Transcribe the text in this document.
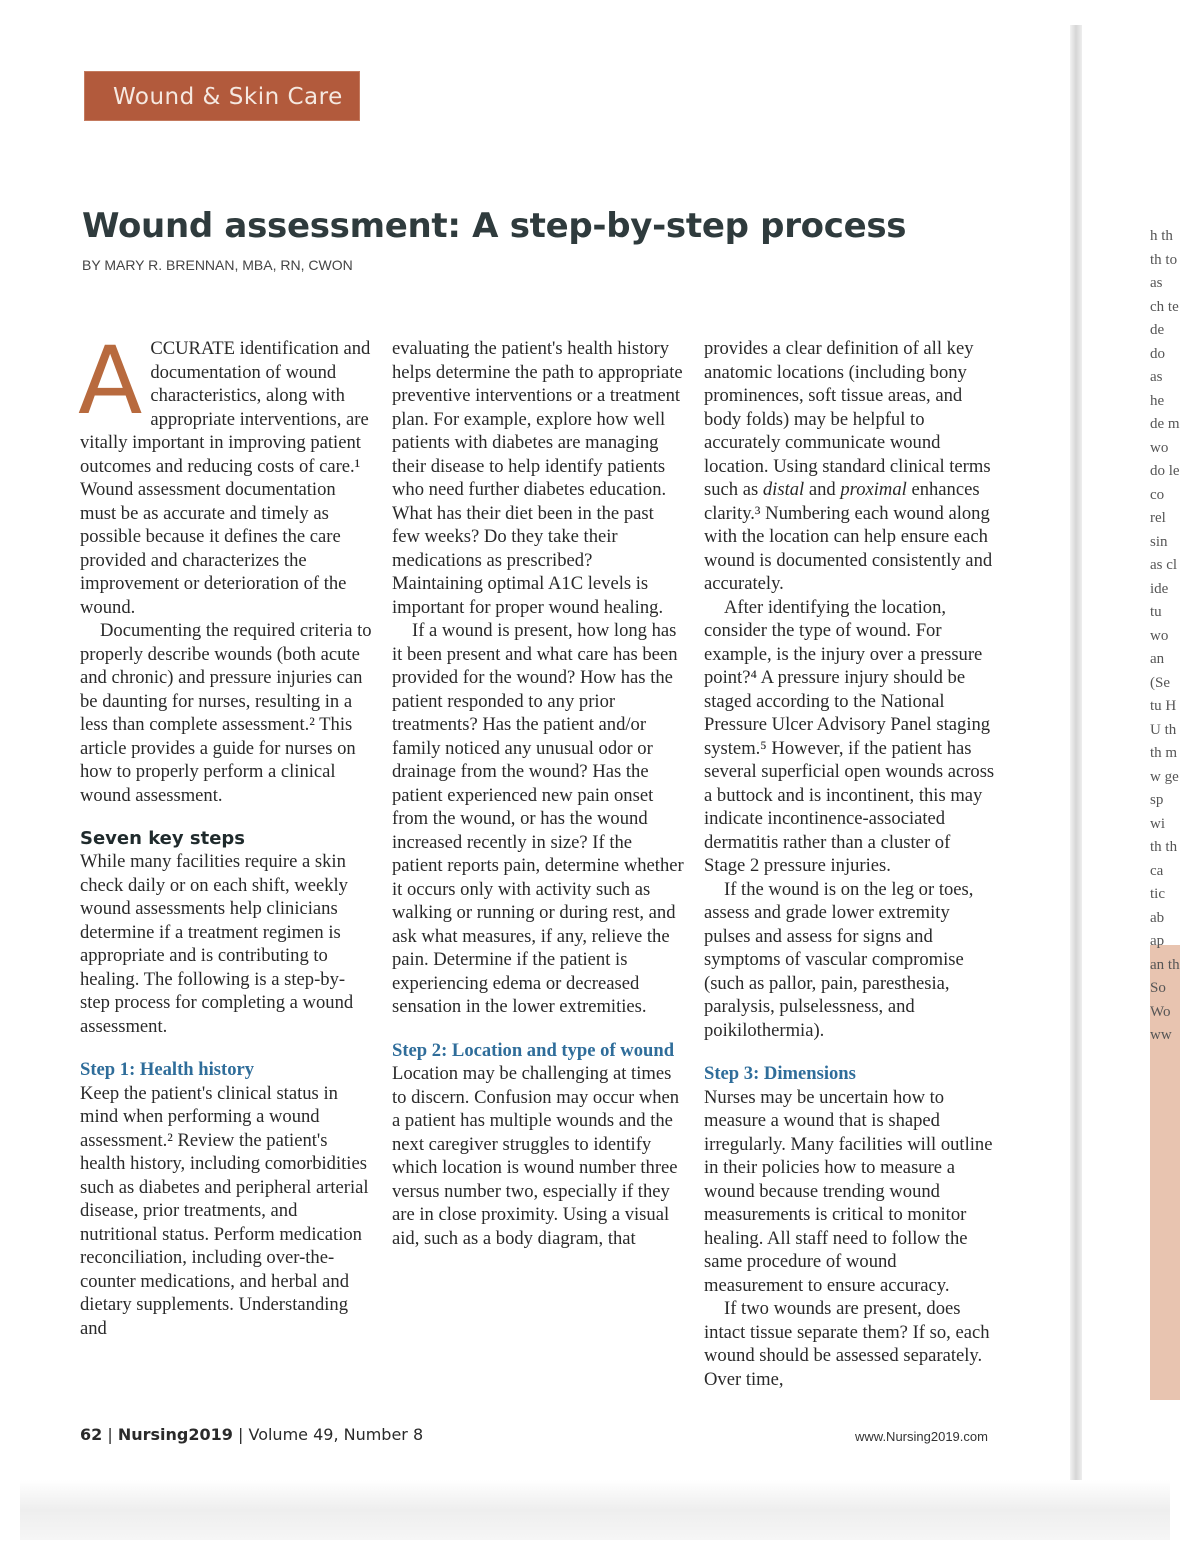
h th th to as ch te de do as he de m wo do le co rel sin as cl ide tu wo an (Se tu H U th th m w ge sp wi th th ca tic ab ap an th So Wo ww
Wound & Skin Care
Wound assessment: A step-by-step process

BY MARY R. BRENNAN, MBA, RN, CWON

ACCURATE identification and documentation of wound characteristics, along with appropriate interventions, are vitally important in improving patient outcomes and reducing costs of care.¹ Wound assessment documentation must be as accurate and timely as possible because it defines the care provided and characterizes the improvement or deterioration of the wound.

Documenting the required criteria to properly describe wounds (both acute and chronic) and pressure injuries can be daunting for nurses, resulting in a less than complete assessment.² This article provides a guide for nurses on how to properly perform a clinical wound assessment.

Seven key steps

While many facilities require a skin check daily or on each shift, weekly wound assessments help clinicians determine if a treatment regimen is appropriate and is contributing to healing. The following is a step-by-step process for completing a wound assessment.

Step 1: Health history

Keep the patient's clinical status in mind when performing a wound assessment.² Review the patient's health history, including comorbidities such as diabetes and peripheral arterial disease, prior treatments, and nutritional status. Perform medication reconciliation, including over-the-counter medications, and herbal and dietary supplements. Understanding and

evaluating the patient's health history helps determine the path to appropriate preventive interventions or a treatment plan. For example, explore how well patients with diabetes are managing their disease to help identify patients who need further diabetes education. What has their diet been in the past few weeks? Do they take their medications as prescribed? Maintaining optimal A1C levels is important for proper wound healing.

If a wound is present, how long has it been present and what care has been provided for the wound? How has the patient responded to any prior treatments? Has the patient and/or family noticed any unusual odor or drainage from the wound? Has the patient experienced new pain onset from the wound, or has the wound increased recently in size? If the patient reports pain, determine whether it occurs only with activity such as walking or running or during rest, and ask what measures, if any, relieve the pain. Determine if the patient is experiencing edema or decreased sensation in the lower extremities.

Step 2: Location and type of wound

Location may be challenging at times to discern. Confusion may occur when a patient has multiple wounds and the next caregiver struggles to identify which location is wound number three versus number two, especially if they are in close proximity. Using a visual aid, such as a body diagram, that

provides a clear definition of all key anatomic locations (including bony prominences, soft tissue areas, and body folds) may be helpful to accurately communicate wound location. Using standard clinical terms such as distal and proximal enhances clarity.³ Numbering each wound along with the location can help ensure each wound is documented consistently and accurately.

After identifying the location, consider the type of wound. For example, is the injury over a pressure point?⁴ A pressure injury should be staged according to the National Pressure Ulcer Advisory Panel staging system.⁵ However, if the patient has several superficial open wounds across a buttock and is incontinent, this may indicate incontinence-associated dermatitis rather than a cluster of Stage 2 pressure injuries.

If the wound is on the leg or toes, assess and grade lower extremity pulses and assess for signs and symptoms of vascular compromise (such as pallor, pain, paresthesia, paralysis, pulselessness, and poikilothermia).

Step 3: Dimensions

Nurses may be uncertain how to measure a wound that is shaped irregularly. Many facilities will outline in their policies how to measure a wound because trending wound measurements is critical to monitor healing. All staff need to follow the same procedure of wound measurement to ensure accuracy.

If two wounds are present, does intact tissue separate them? If so, each wound should be assessed separately. Over time,

62 | Nursing2019 | Volume 49, Number 8	www.Nursing2019.com
